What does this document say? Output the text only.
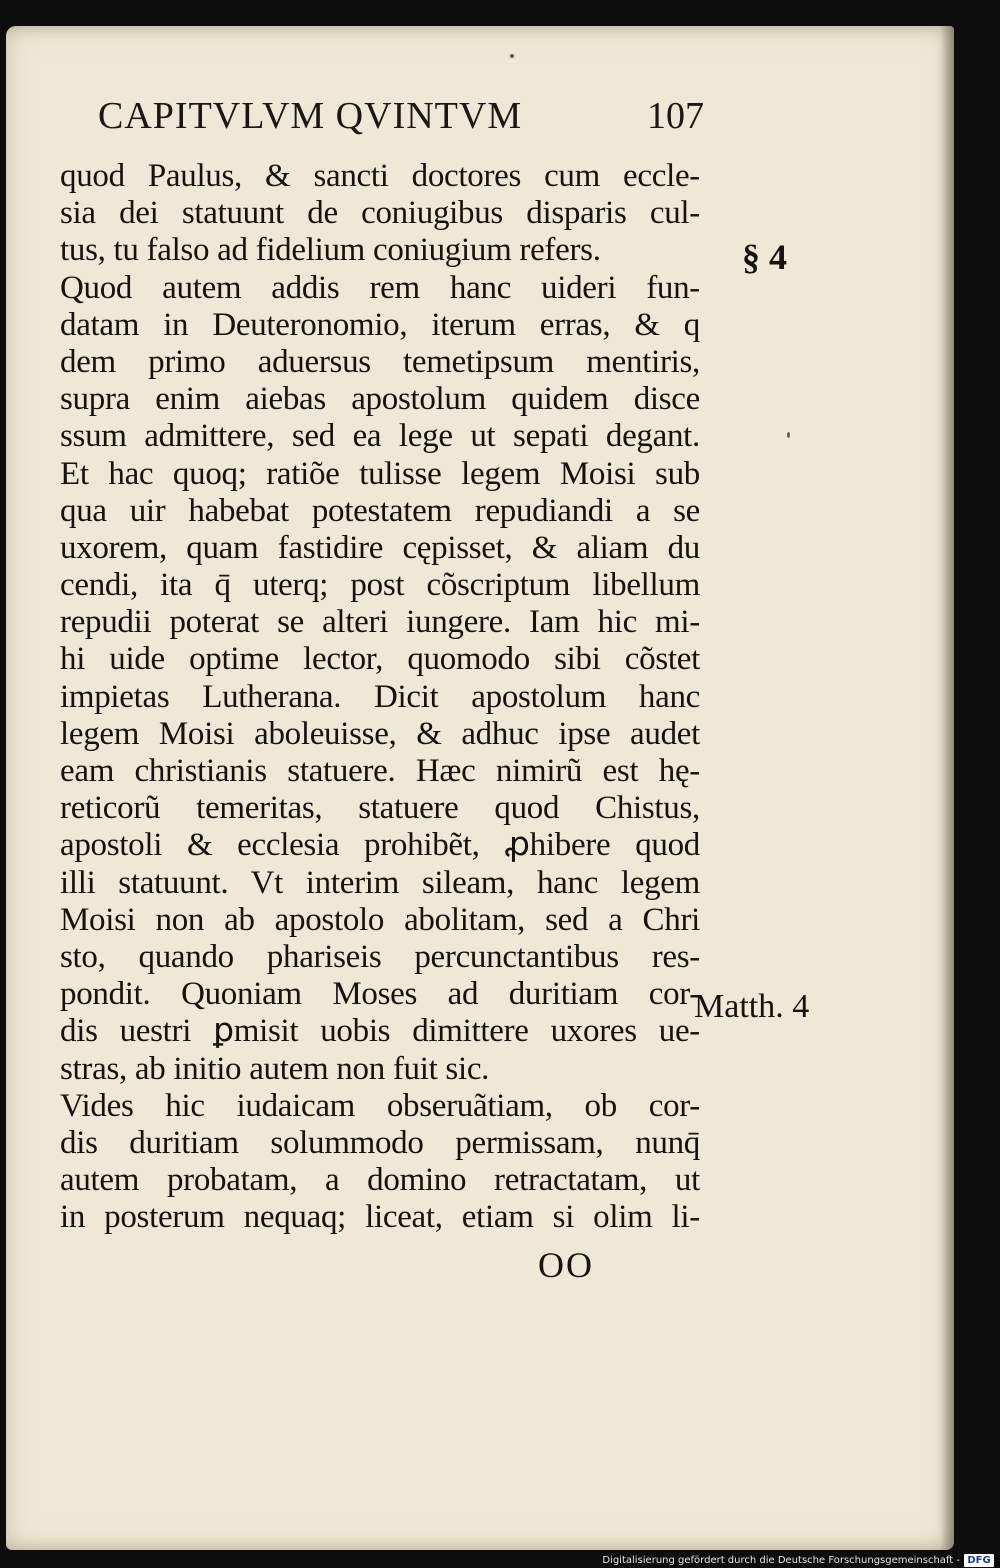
CAPITVLVM QVINTVM	107
quod Paulus, & sancti doctores cum eccle-
sia dei statuunt de coniugibus disparis cul-
tus, tu falso ad fidelium coniugium refers.
Quod autem addis rem hanc uideri fun-
datam in Deuteronomio, iterum erras, & q
dem primo aduersus temetipsum mentiris,
supra enim aiebas apostolum quidem disce
ssum admittere, sed ea lege ut sepati degant.
Et hac quoq; ratiõe tulisse legem Moisi sub
qua uir habebat potestatem repudiandi a se
uxorem, quam fastidire cępisset, & aliam du
cendi, ita q̄ uterq; post cõscriptum libellum
repudii poterat se alteri iungere. Iam hic mi-
hi uide optime lector, quomodo sibi cõstet
impietas Lutherana. Dicit apostolum hanc
legem Moisi aboleuisse, & adhuc ipse audet
eam christianis statuere. Hæc nimirũ est hę-
reticorũ temeritas, statuere quod Chistus,
apostoli & ecclesia prohibẽt, ꝓhibere quod
illi statuunt. Vt interim sileam, hanc legem
Moisi non ab apostolo abolitam, sed a Chri
sto, quando phariseis percunctantibus res-
pondit. Quoniam Moses ad duritiam cor-
dis uestri ꝑmisit uobis dimittere uxores ue-
stras, ab initio autem non fuit sic.
Vides hic iudaicam obseruãtiam, ob cor-
dis duritiam solummodo permissam, nunq̄
autem probatam, a domino retractatam, ut
in posterum nequaq; liceat, etiam si olim li-
§ 4
Matth. 4
OO
Digitalisierung gefördert durch die Deutsche Forschungsgemeinschaft - DFG
